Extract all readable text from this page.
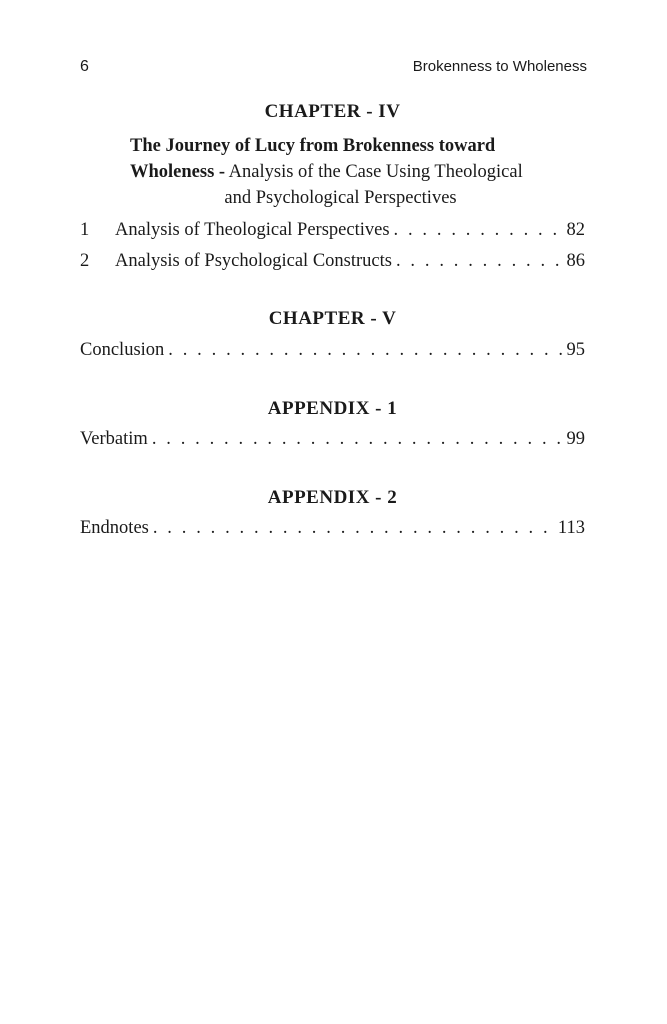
6	Brokenness to Wholeness
CHAPTER - IV
The Journey of Lucy from Brokenness toward
Wholeness - Analysis of the Case Using Theological

and Psychological Perspectives
1	Analysis of Theological Perspectives . . .	82
2	Analysis of Psychological Constructs . . .	86
CHAPTER - V
Conclusion . . .	95
APPENDIX - 1
Verbatim . . .	99
APPENDIX - 2
Endnotes . . .	113
